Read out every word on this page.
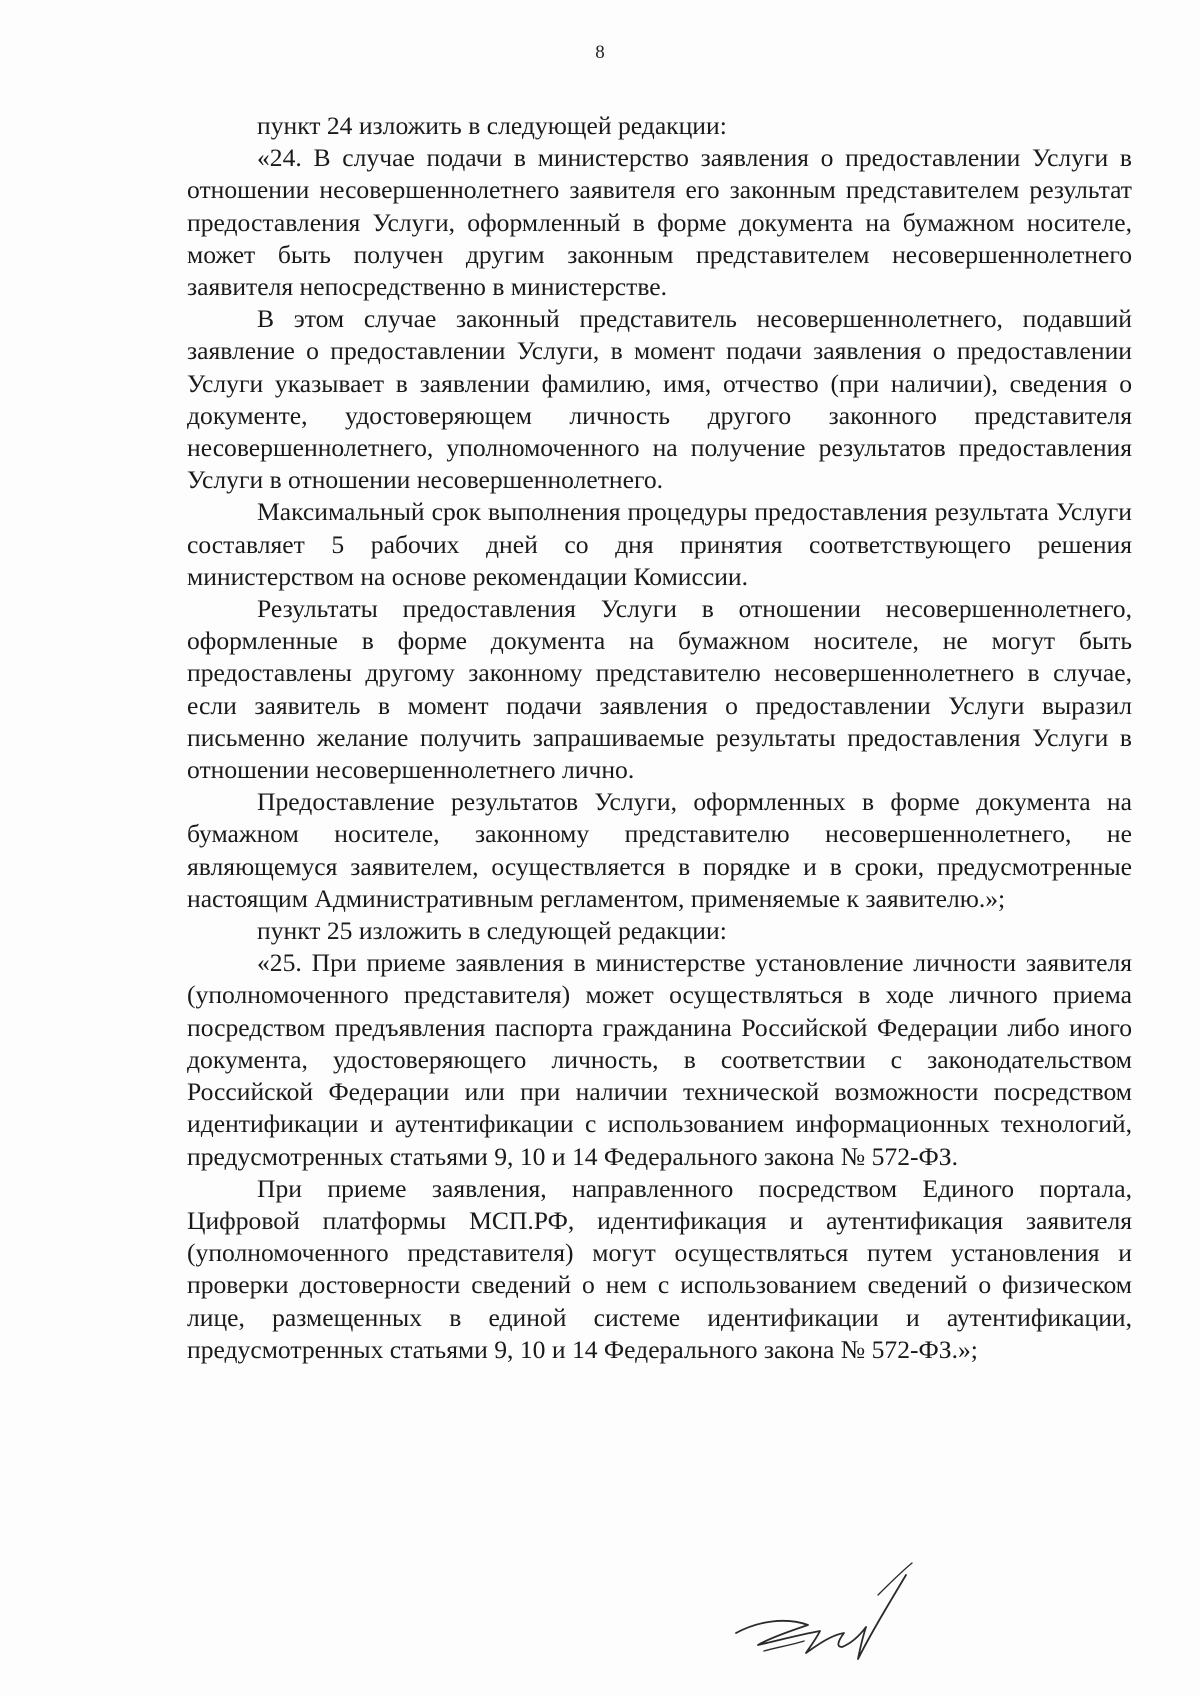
8

пункт 24 изложить в следующей редакции:

«24. В случае подачи в министерство заявления о предоставлении Услуги в отношении несовершеннолетнего заявителя его законным представителем результат предоставления Услуги, оформленный в форме документа на бумажном носителе, может быть получен другим законным представителем несовершеннолетнего заявителя непосредственно в министерстве.

В этом случае законный представитель несовершеннолетнего, подавший заявление о предоставлении Услуги, в момент подачи заявления о предоставлении Услуги указывает в заявлении фамилию, имя, отчество (при наличии), сведения о документе, удостоверяющем личность другого законного представителя несовершеннолетнего, уполномоченного на получение результатов предоставления Услуги в отношении несовершеннолетнего.

Максимальный срок выполнения процедуры предоставления результата Услуги составляет 5 рабочих дней со дня принятия соответствующего решения министерством на основе рекомендации Комиссии.

Результаты предоставления Услуги в отношении несовершеннолетнего, оформленные в форме документа на бумажном носителе, не могут быть предоставлены другому законному представителю несовершеннолетнего в случае, если заявитель в момент подачи заявления о предоставлении Услуги выразил письменно желание получить запрашиваемые результаты предоставления Услуги в отношении несовершеннолетнего лично.

Предоставление результатов Услуги, оформленных в форме документа на бумажном носителе, законному представителю несовершеннолетнего, не являющемуся заявителем, осуществляется в порядке и в сроки, предусмотренные настоящим Административным регламентом, применяемые к заявителю.»;

пункт 25 изложить в следующей редакции:

«25. При приеме заявления в министерстве установление личности заявителя (уполномоченного представителя) может осуществляться в ходе личного приема посредством предъявления паспорта гражданина Российской Федерации либо иного документа, удостоверяющего личность, в соответствии с законодательством Российской Федерации или при наличии технической возможности посредством идентификации и аутентификации с использованием информационных технологий, предусмотренных статьями 9, 10 и 14 Федерального закона № 572-ФЗ.

При приеме заявления, направленного посредством Единого портала, Цифровой платформы МСП.РФ, идентификация и аутентификация заявителя (уполномоченного представителя) могут осуществляться путем установления и проверки достоверности сведений о нем с использованием сведений о физическом лице, размещенных в единой системе идентификации и аутентификации, предусмотренных статьями 9, 10 и 14 Федерального закона № 572-ФЗ.»;
